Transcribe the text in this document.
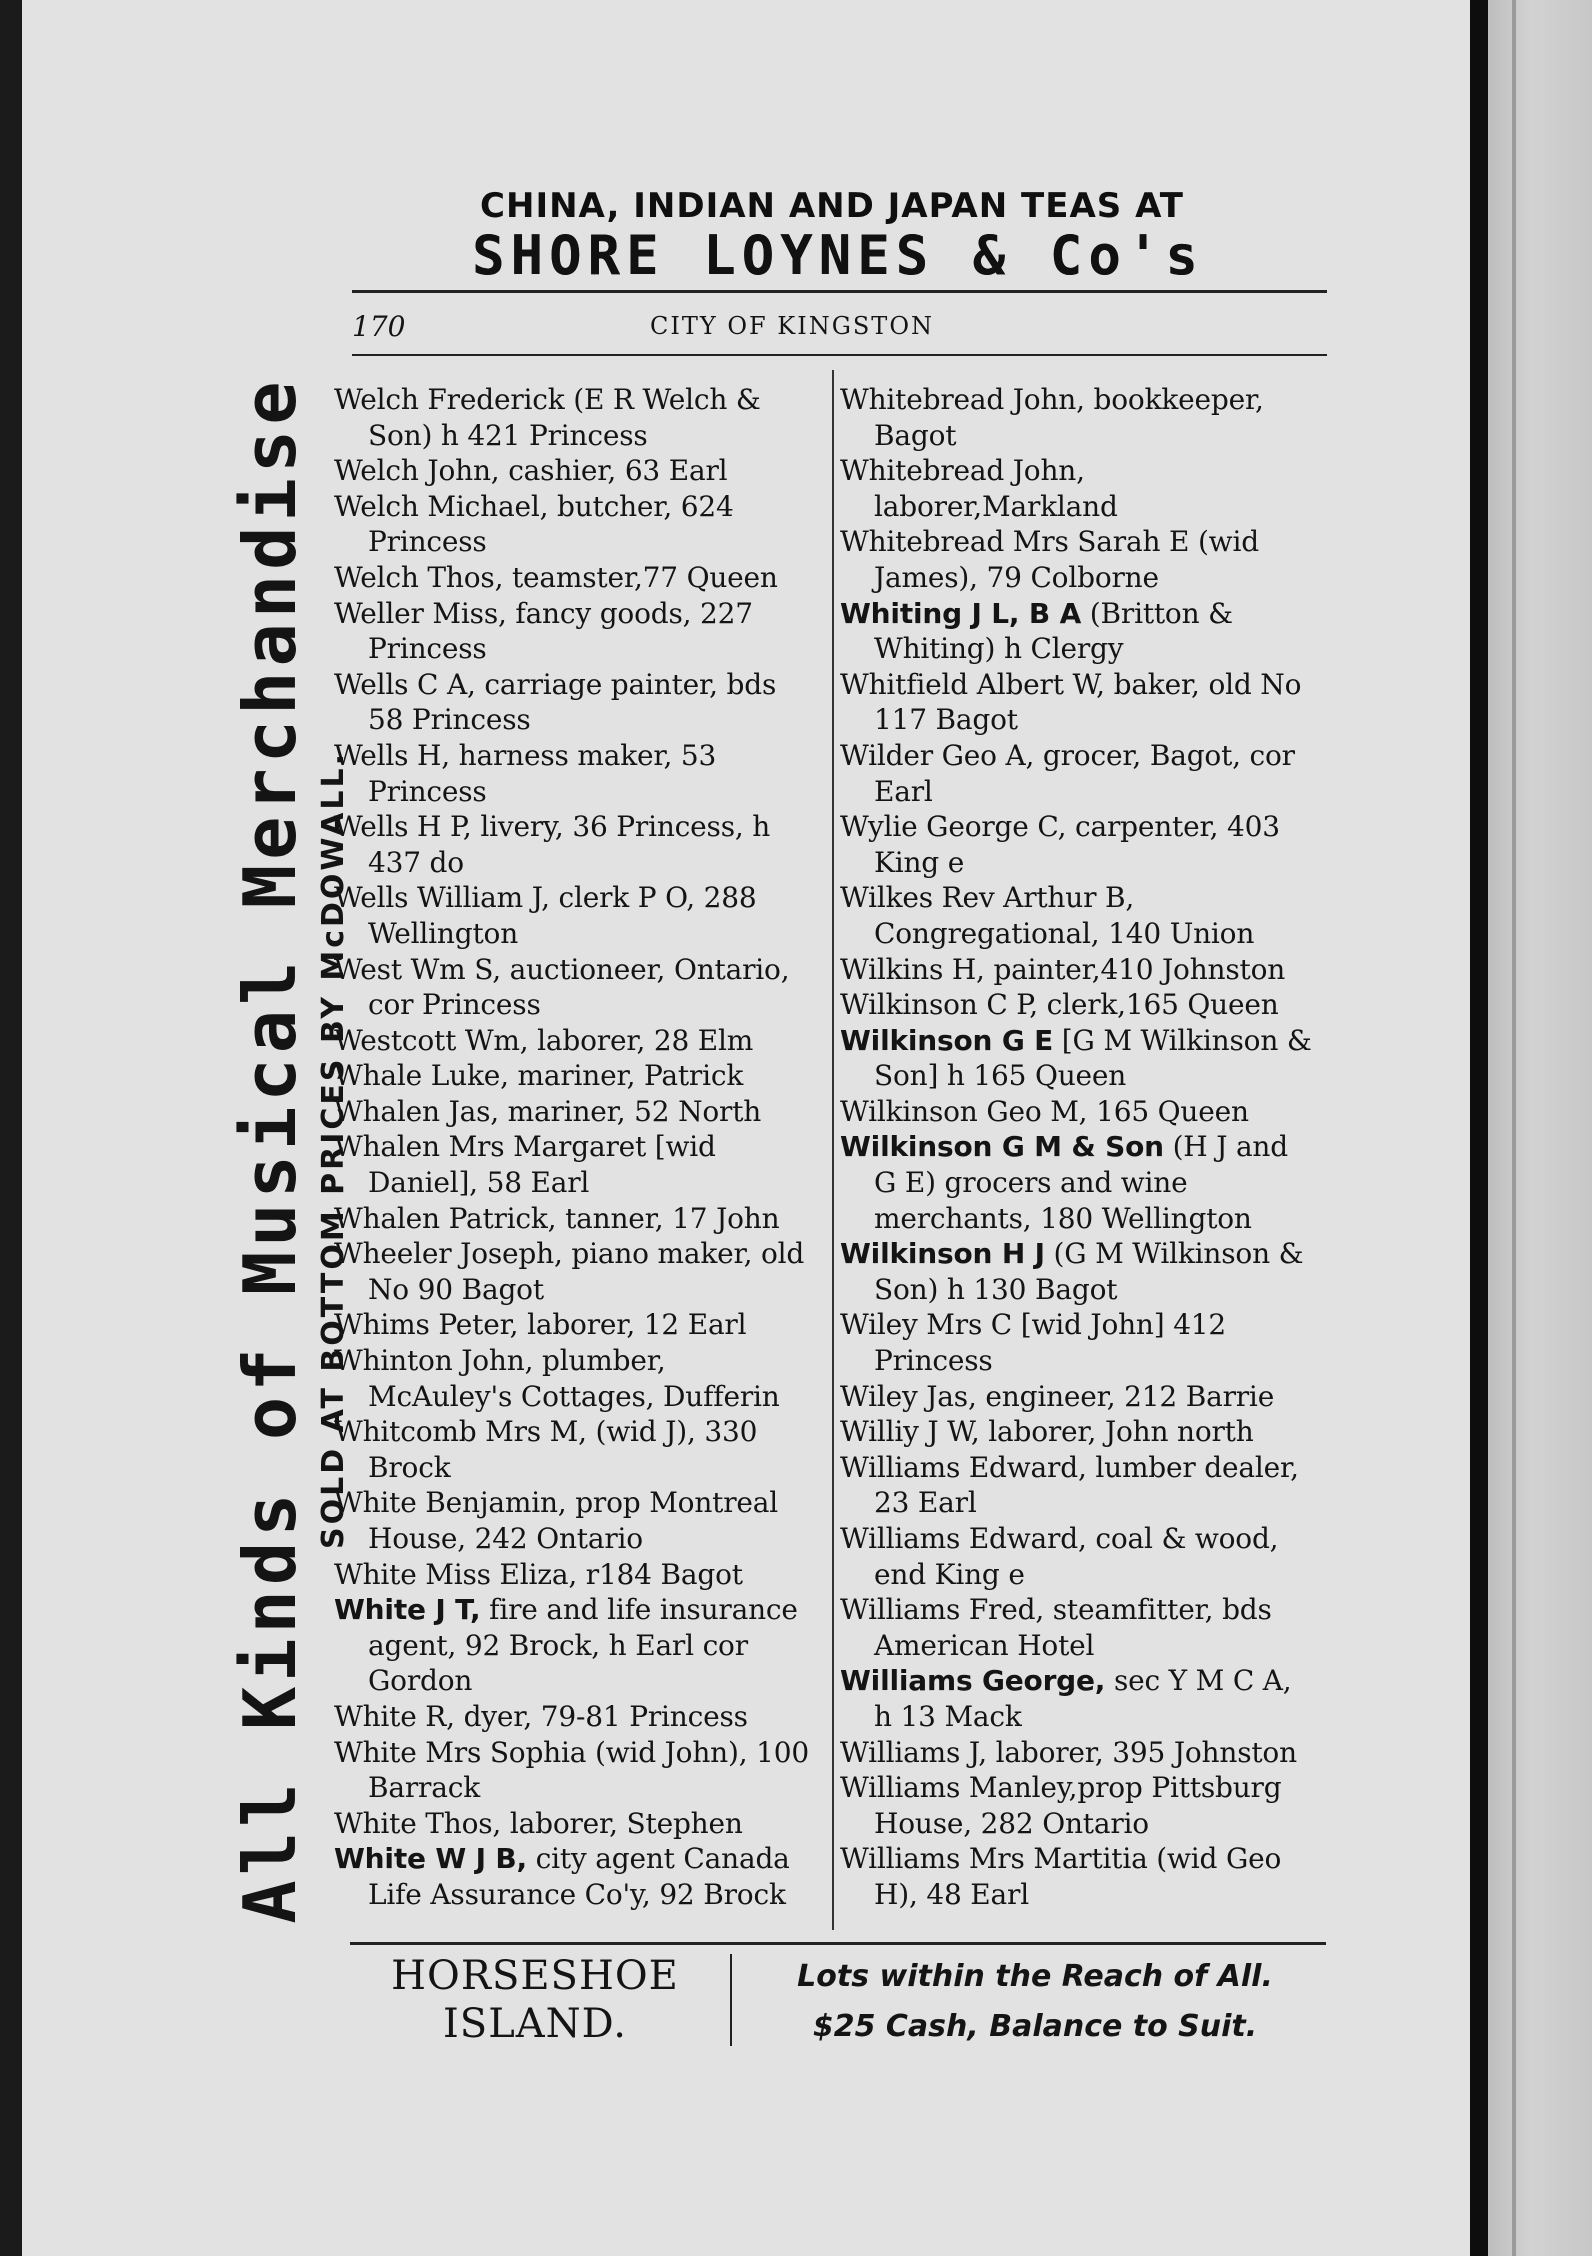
CHINA, INDIAN AND JAPAN TEAS AT
SHORE LOYNES & Co's
170	CITY OF KINGSTON
All Kinds of Musical Merchandise SOLD AT BOTTOM PRICES BY McDOWALL.

Welch Frederick (E R Welch & Son) h 421 Princess

Welch John, cashier, 63 Earl

Welch Michael, butcher, 624 Princess

Welch Thos, teamster,77 Queen

Weller Miss, fancy goods, 227 Princess

Wells C A, carriage painter, bds 58 Princess

Wells H, harness maker, 53 Princess

Wells H P, livery, 36 Princess, h 437 do

Wells William J, clerk P O, 288 Wellington

West Wm S, auctioneer, Ontario, cor Princess

Westcott Wm, laborer, 28 Elm

Whale Luke, mariner, Patrick

Whalen Jas, mariner, 52 North

Whalen Mrs Margaret [wid Daniel], 58 Earl

Whalen Patrick, tanner, 17 John

Wheeler Joseph, piano maker, old No 90 Bagot

Whims Peter, laborer, 12 Earl

Whinton John, plumber, McAuley's Cottages, Dufferin

Whitcomb Mrs M, (wid J), 330 Brock

White Benjamin, prop Montreal House, 242 Ontario

White Miss Eliza, r184 Bagot

White J T, fire and life insurance agent, 92 Brock, h Earl cor Gordon

White R, dyer, 79-81 Princess

White Mrs Sophia (wid John), 100 Barrack

White Thos, laborer, Stephen

White W J B, city agent Canada Life Assurance Co'y, 92 Brock

Whitebread John, bookkeeper, Bagot

Whitebread John, laborer,Markland

Whitebread Mrs Sarah E (wid James), 79 Colborne

Whiting J L, B A (Britton & Whiting) h Clergy

Whitfield Albert W, baker, old No 117 Bagot

Wilder Geo A, grocer, Bagot, cor Earl

Wylie George C, carpenter, 403 King e

Wilkes Rev Arthur B, Congregational, 140 Union

Wilkins H, painter,410 Johnston

Wilkinson C P, clerk,165 Queen

Wilkinson G E [G M Wilkinson & Son] h 165 Queen

Wilkinson Geo M, 165 Queen

Wilkinson G M & Son (H J and G E) grocers and wine merchants, 180 Wellington

Wilkinson H J (G M Wilkinson & Son) h 130 Bagot

Wiley Mrs C [wid John] 412 Princess

Wiley Jas, engineer, 212 Barrie

Williy J W, laborer, John north

Williams Edward, lumber dealer, 23 Earl

Williams Edward, coal & wood, end King e

Williams Fred, steamfitter, bds American Hotel

Williams George, sec Y M C A, h 13 Mack

Williams J, laborer, 395 Johnston

Williams Manley,prop Pittsburg House, 282 Ontario

Williams Mrs Martitia (wid Geo H), 48 Earl

HORSESHOE
ISLAND.
Lots within the Reach of All.
$25 Cash, Balance to Suit.
